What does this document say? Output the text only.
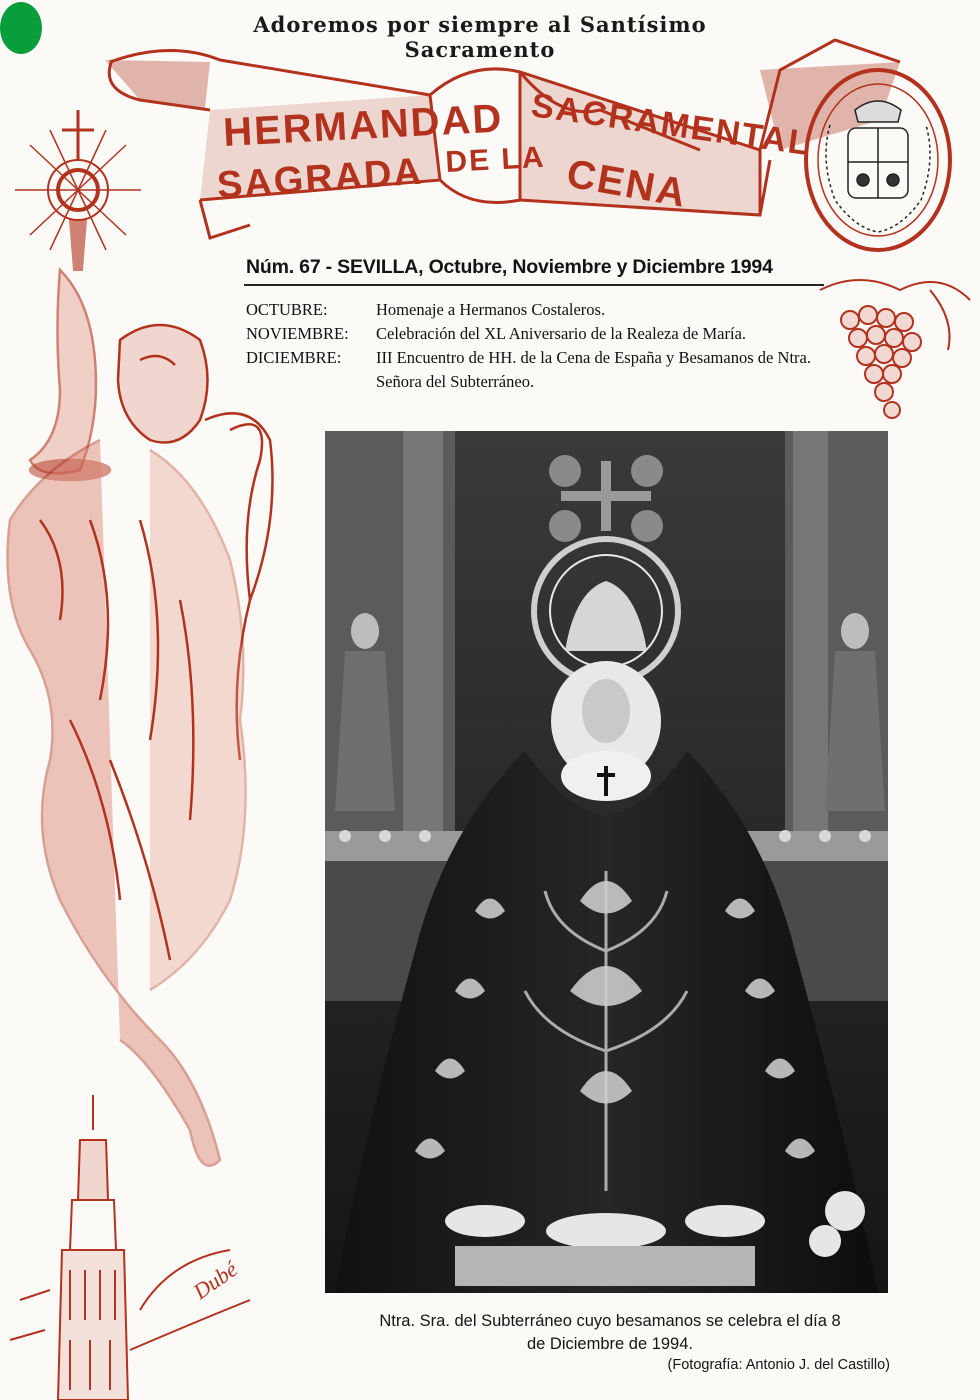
Adoremos por siempre al Santísimo Sacramento
HERMANDAD SACRAMENTAL
SAGRADA DE LA CENA
Dubé
Núm. 67 - SEVILLA, Octubre, Noviembre y Diciembre 1994
OCTUBRE:	Homenaje a Hermanos Costaleros.
NOVIEMBRE:	Celebración del XL Aniversario de la Realeza de María.
DICIEMBRE:	III Encuentro de HH. de la Cena de España y Besamanos de Ntra. Señora del Subterráneo.
Ntra. Sra. del Subterráneo cuyo besamanos se celebra el día 8
de Diciembre de 1994.
(Fotografía: Antonio J. del Castillo)
